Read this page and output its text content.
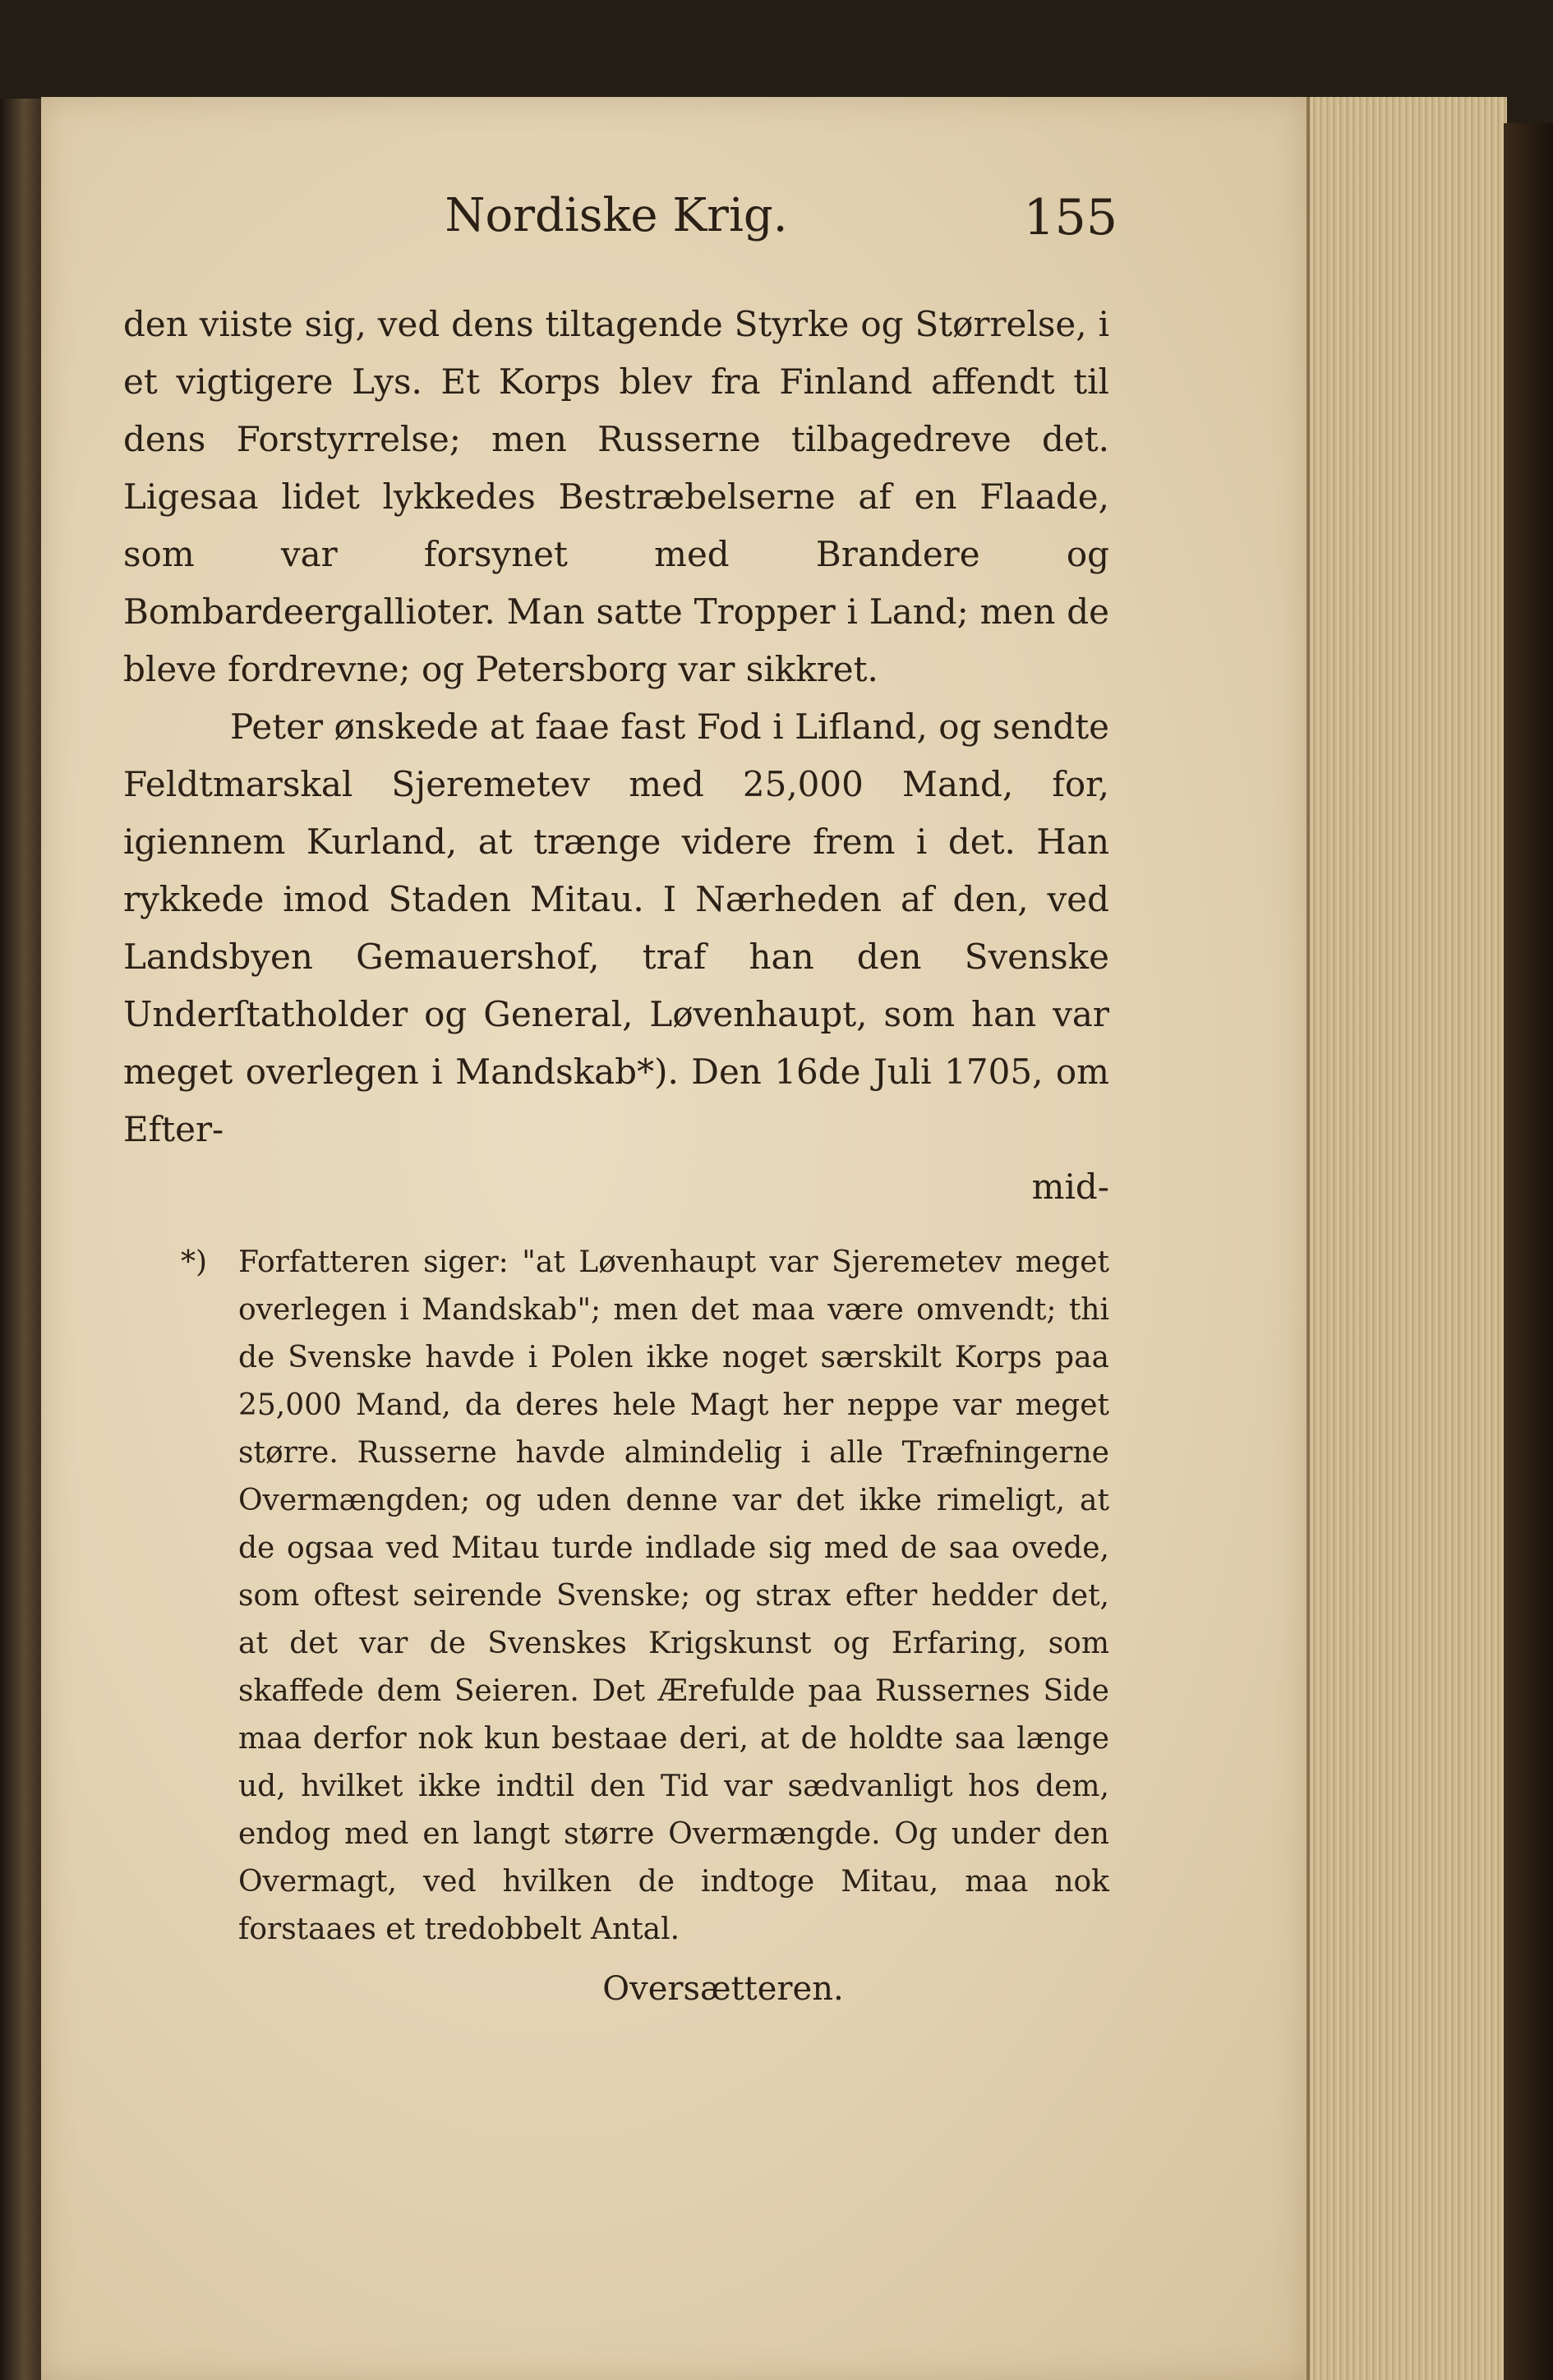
Nordiske Krig.	155

den viiste sig, ved dens tiltagende Styrke og Størrelse, i et vigtigere Lys. Et Korps blev fra Finland affendt til dens Forstyrrelse; men Russerne tilbagedreve det. Ligesaa lidet lykkedes Bestræbelserne af en Flaade, som var forsynet med Brandere og Bombardeergallioter. Man satte Tropper i Land; men de bleve fordrevne; og Petersborg var sikkret.

Peter ønskede at faae fast Fod i Lifland, og sendte Feldtmarskal Sjeremetev med 25,000 Mand, for, igiennem Kurland, at trænge videre frem i det. Han rykkede imod Staden Mitau. I Nærheden af den, ved Landsbyen Gemauershof, traf han den Svenske Underſtatholder og General, Løvenhaupt, som han var meget overlegen i Mandskab*). Den 16de Juli 1705, om Efter-

mid-
*) Forfatteren siger: "at Løvenhaupt var Sjeremetev meget overlegen i Mandskab"; men det maa være omvendt; thi de Svenske havde i Polen ikke noget særskilt Korps paa 25,000 Mand, da deres hele Magt her neppe var meget større. Russerne havde almindelig i alle Træfningerne Overmængden; og uden denne var det ikke rimeligt, at de ogsaa ved Mitau turde indlade sig med de saa ovede, som oftest seirende Svenske; og strax efter hedder det, at det var de Svenskes Krigskunst og Erfaring, som skaffede dem Seieren. Det Ærefulde paa Russernes Side maa derfor nok kun bestaae deri, at de holdte saa længe ud, hvilket ikke indtil den Tid var sædvanligt hos dem, endog med en langt større Overmængde. Og under den Overmagt, ved hvilken de indtoge Mitau, maa nok forstaaes et tredobbelt Antal.
Oversætteren.
